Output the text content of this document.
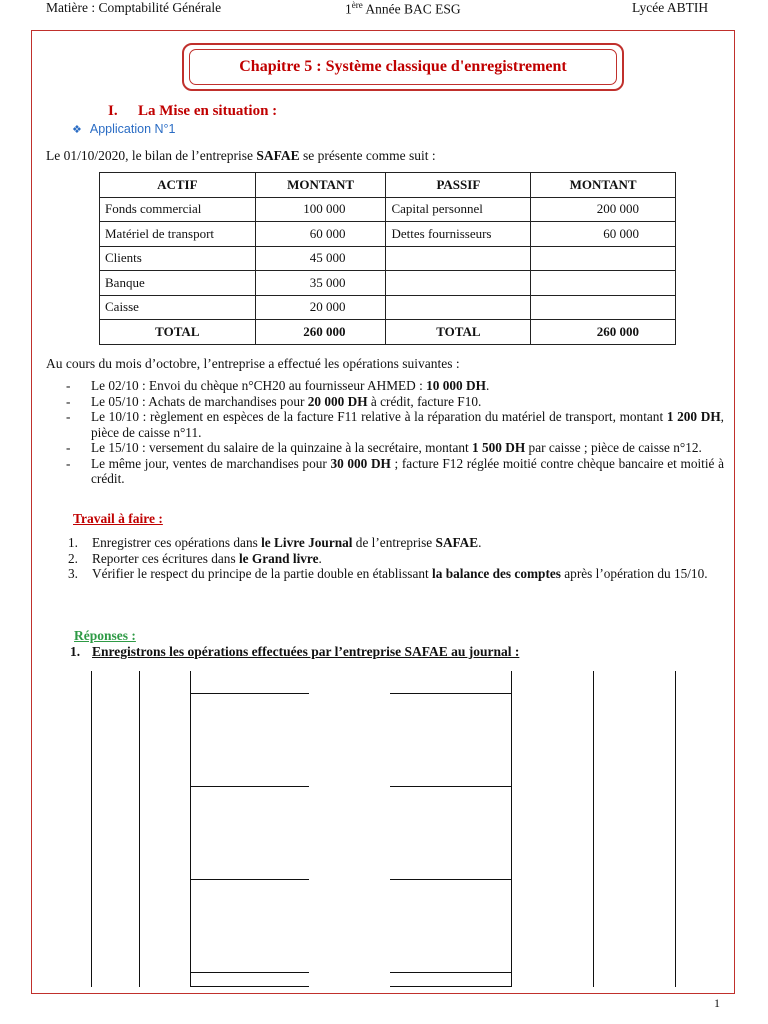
Matière : Comptabilité Générale	1ère Année BAC ESG	Lycée ABTIH
Chapitre 5 : Système classique d'enregistrement
I. La Mise en situation :
❖ Application N°1
Le 01/10/2020, le bilan de l’entreprise SAFAE se présente comme suit :
ACTIF	MONTANT	PASSIF	MONTANT
Fonds commercial	100 000	Capital personnel	200 000
Matériel de transport	60 000	Dettes fournisseurs	60 000
Clients	45 000		
Banque	35 000		
Caisse	20 000		
TOTAL	260 000	TOTAL	260 000
Au cours du mois d’octobre, l’entreprise a effectué les opérations suivantes :
- Le 02/10 : Envoi du chèque n°CH20 au fournisseur AHMED : 10 000 DH.
- Le 05/10 : Achats de marchandises pour 20 000 DH à crédit, facture F10.
- Le 10/10 : règlement en espèces de la facture F11 relative à la réparation du matériel de transport, montant 1 200 DH, pièce de caisse n°11.
- Le 15/10 : versement du salaire de la quinzaine à la secrétaire, montant 1 500 DH par caisse ; pièce de caisse n°12.
- Le même jour, ventes de marchandises pour 30 000 DH ; facture F12 réglée moitié contre chèque bancaire et moitié à crédit.
Travail à faire :
1. Enregistrer ces opérations dans le Livre Journal de l’entreprise SAFAE.
2. Reporter ces écritures dans le Grand livre.
3. Vérifier le respect du principe de la partie double en établissant la balance des comptes après l’opération du 15/10.
Réponses :
1. Enregistrons les opérations effectuées par l’entreprise SAFAE au journal :
1
